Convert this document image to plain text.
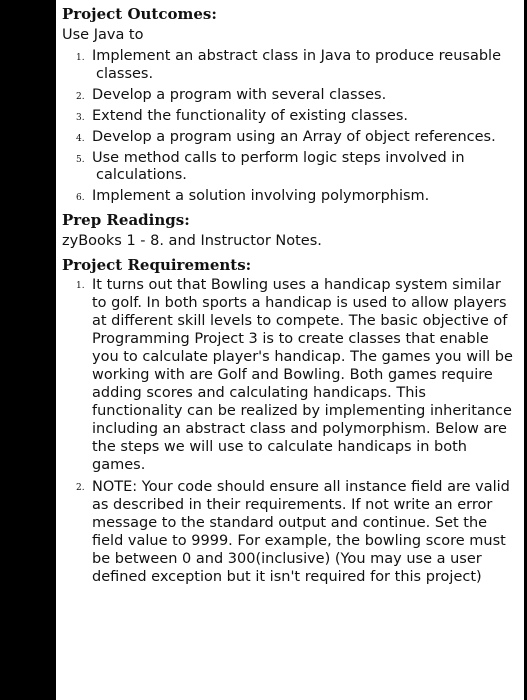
Project Outcomes:

Use Java to

1. Implement an abstract class in Java to produce reusable classes.
2. Develop a program with several classes.
3. Extend the functionality of existing classes.
4. Develop a program using an Array of object references.
5. Use method calls to perform logic steps involved in calculations.
6. Implement a solution involving polymorphism.

Prep Readings:

zyBooks 1 - 8. and Instructor Notes.

Project Requirements:

1. It turns out that Bowling uses a handicap system similar to golf. In both sports a handicap is used to allow players at different skill levels to compete. The basic objective of Programming Project 3 is to create classes that enable you to calculate player's handicap. The games you will be working with are Golf and Bowling. Both games require adding scores and calculating handicaps. This functionality can be realized by implementing inheritance including an abstract class and polymorphism. Below are the steps we will use to calculate handicaps in both games.
2. NOTE: Your code should ensure all instance field are valid as described in their requirements. If not write an error message to the standard output and continue. Set the field value to 9999. For example, the bowling score must be between 0 and 300(inclusive) (You may use a user defined exception but it isn't required for this project)
